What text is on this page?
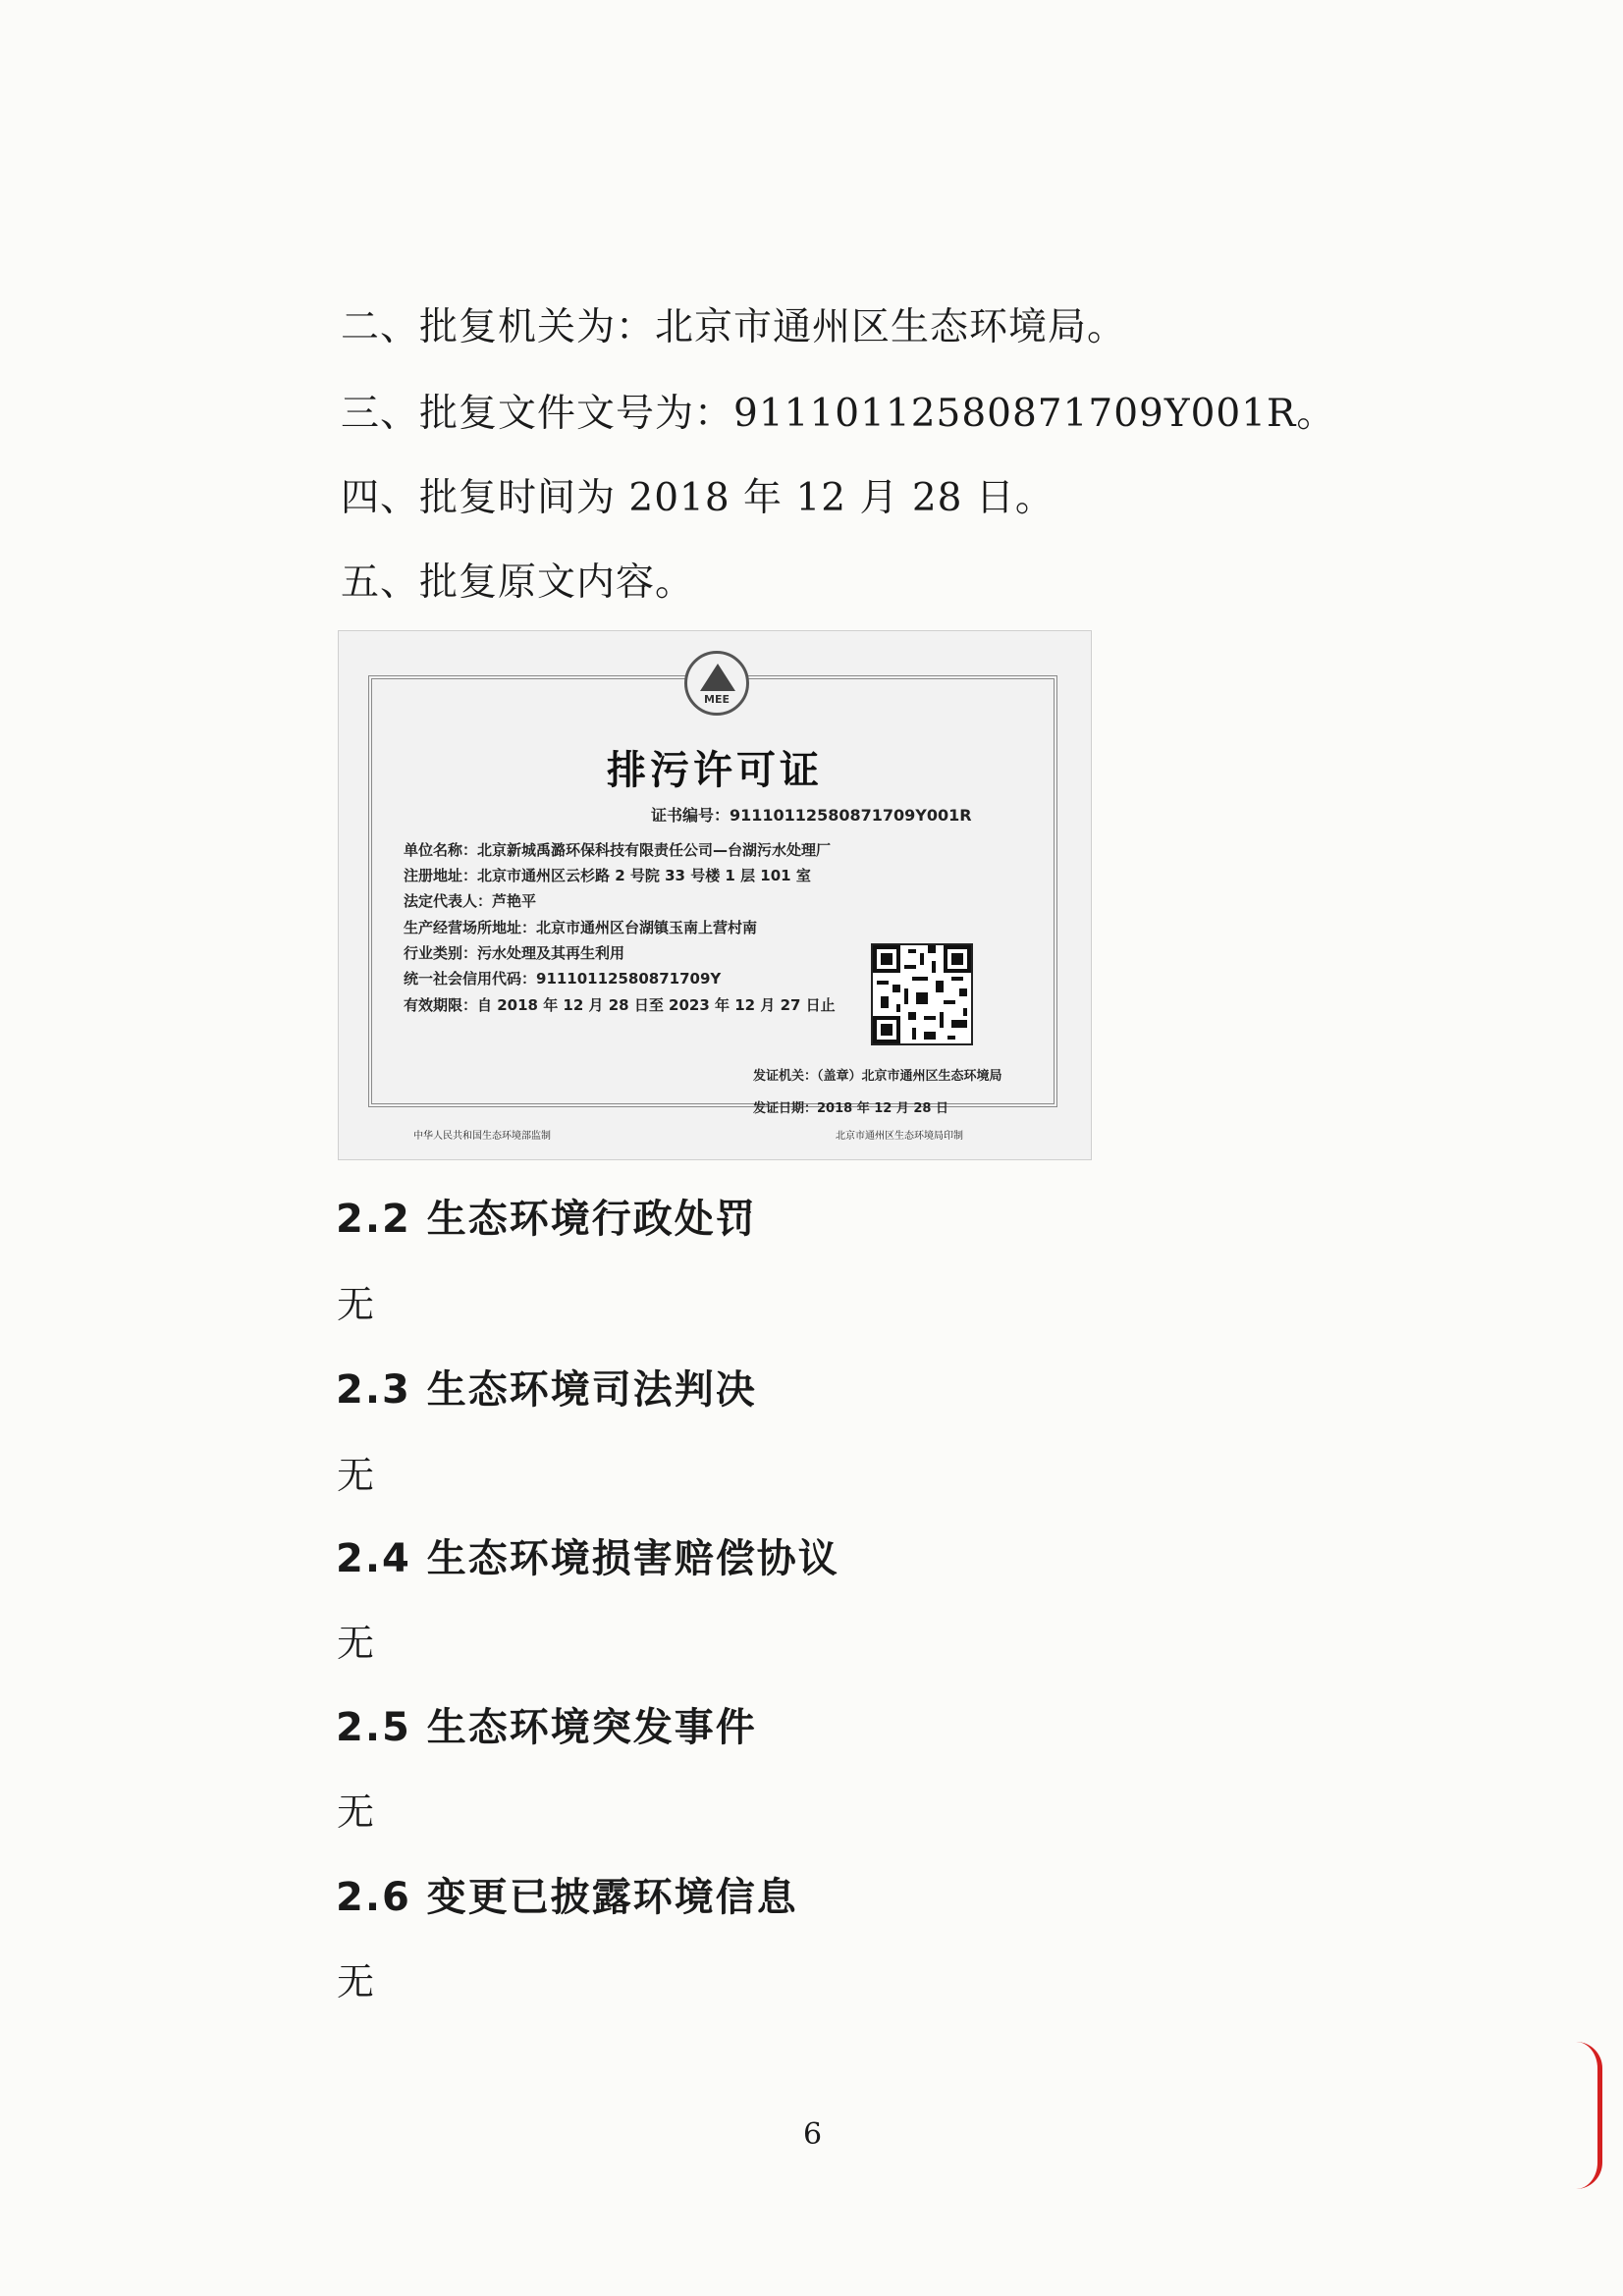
二、批复机关为：北京市通州区生态环境局。
三、批复文件文号为：91110112580871709Y001R。
四、批复时间为 2018 年 12 月 28 日。
五、批复原文内容。
MEE
排污许可证
证书编号：91110112580871709Y001R
单位名称：北京新城禹潞环保科技有限责任公司—台湖污水处理厂
注册地址：北京市通州区云杉路 2 号院 33 号楼 1 层 101 室
法定代表人：芦艳平
生产经营场所地址：北京市通州区台湖镇玉南上营村南
行业类别：污水处理及其再生利用
统一社会信用代码：91110112580871709Y
有效期限：自 2018 年 12 月 28 日至 2023 年 12 月 27 日止
发证机关：（盖章）北京市通州区生态环境局
发证日期：2018 年 12 月 28 日
中华人民共和国生态环境部监制	北京市通州区生态环境局印制
2.2 生态环境行政处罚
无
2.3 生态环境司法判决
无
2.4 生态环境损害赔偿协议
无
2.5 生态环境突发事件
无
2.6 变更已披露环境信息
无
6
